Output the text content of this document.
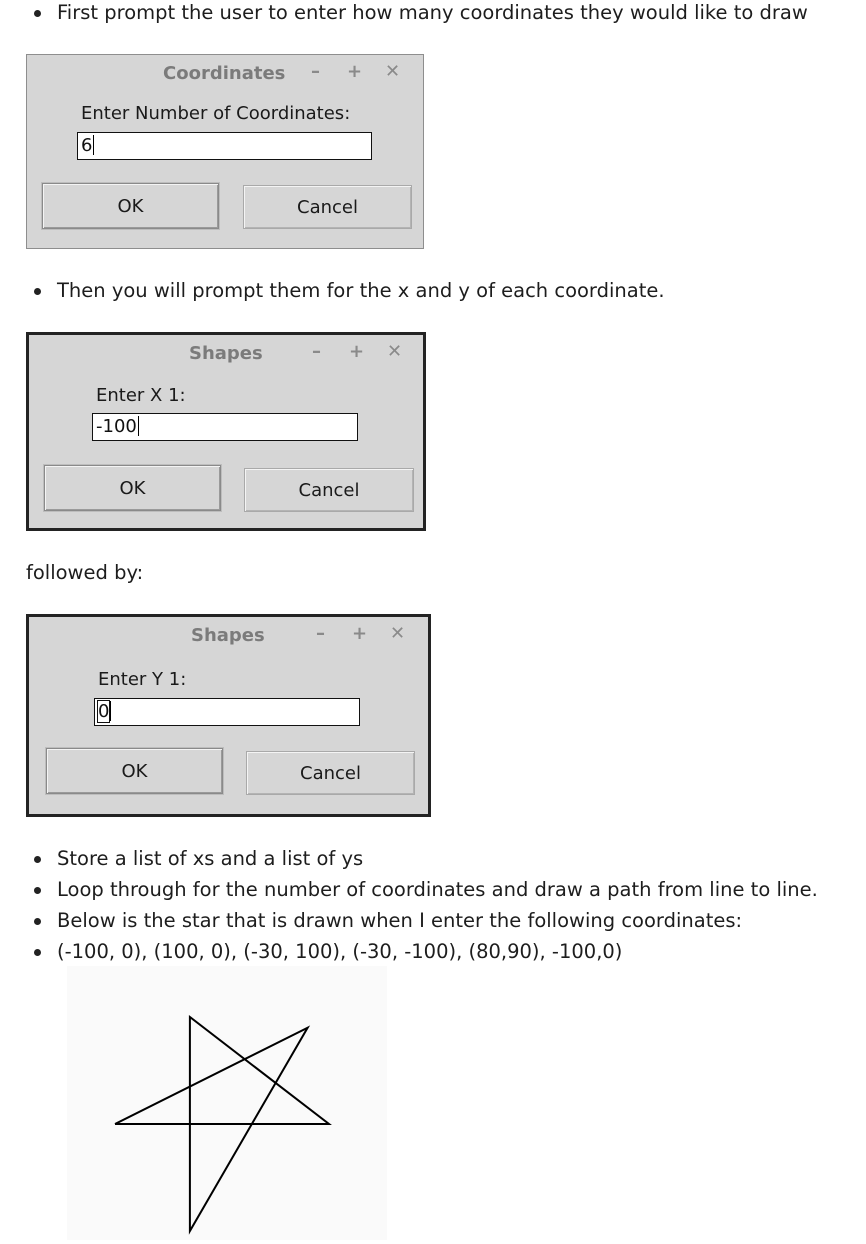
First prompt the user to enter how many coordinates they would like to draw
Coordinates – + ✕
Enter Number of Coordinates:
6
OK	Cancel
Then you will prompt them for the x and y of each coordinate.
Shapes	– + ✕
Enter X 1:
-100
OK	Cancel
followed by:
Shapes	– + ✕
Enter Y 1:
0
OK	Cancel
Store a list of xs and a list of ys
Loop through for the number of coordinates and draw a path from line to line.
Below is the star that is drawn when I enter the following coordinates:
(-100, 0), (100, 0), (-30, 100), (-30, -100), (80,90), -100,0)
